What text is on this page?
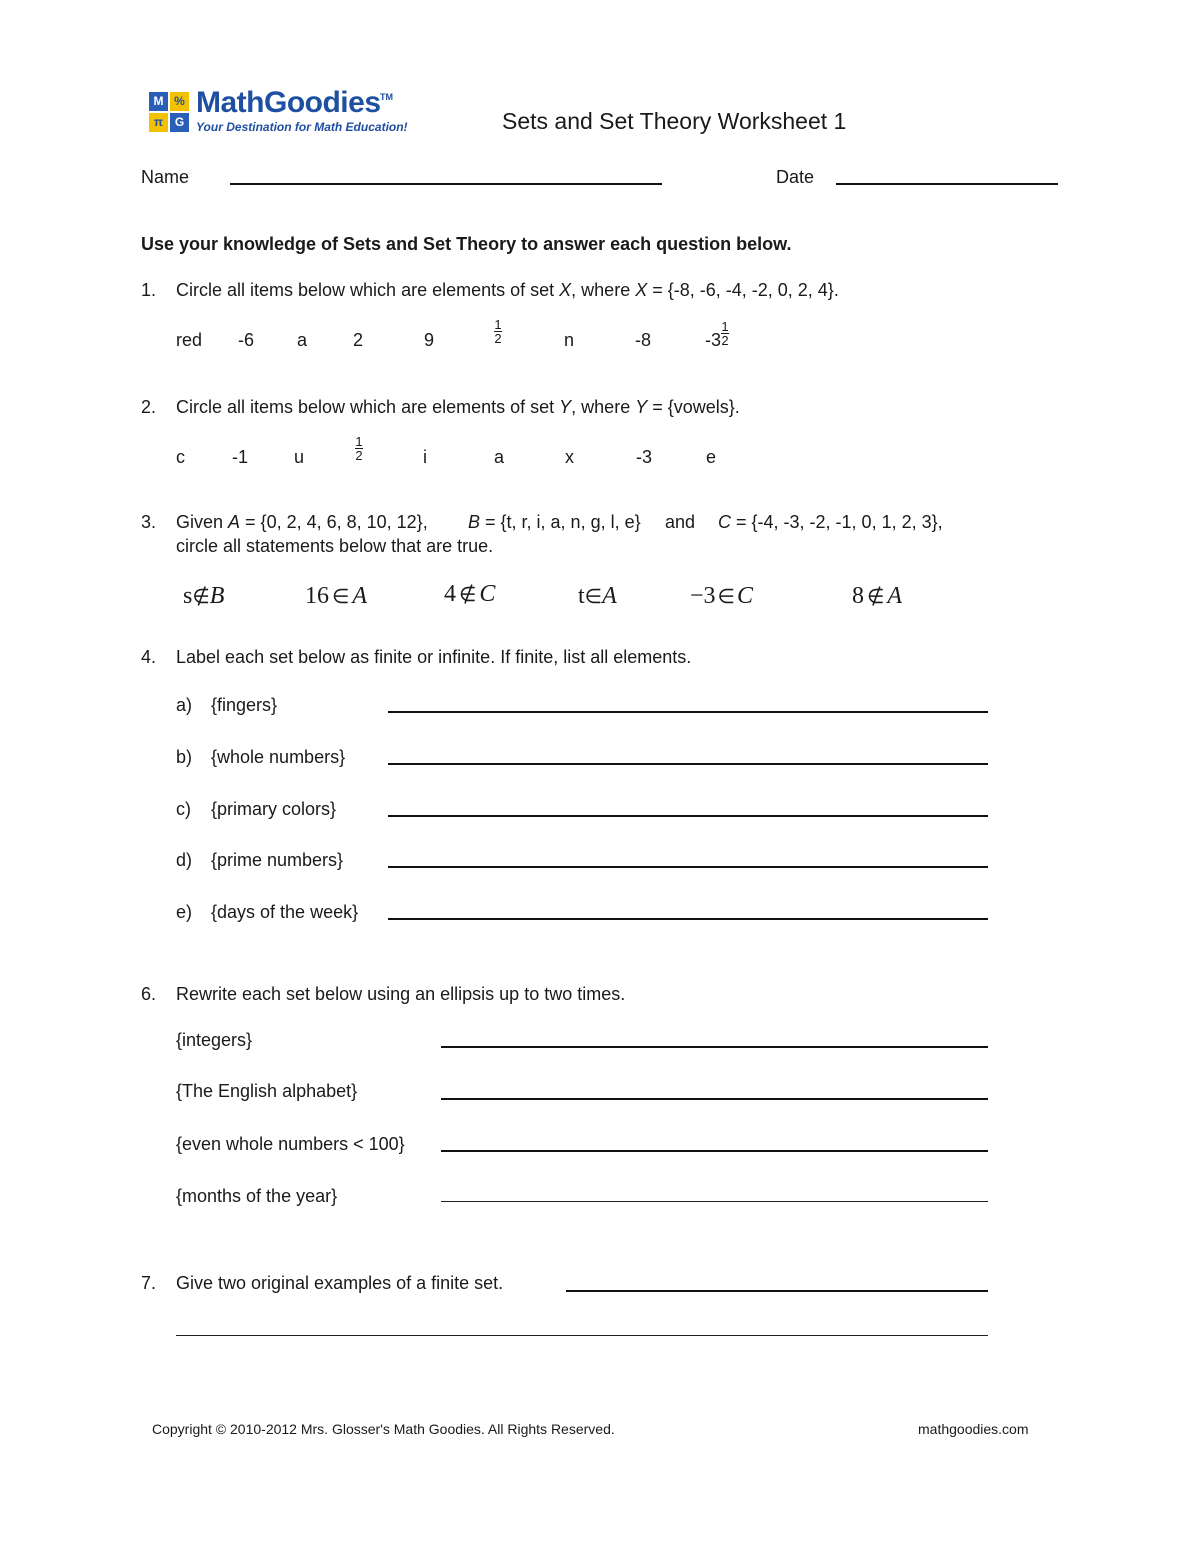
M %
π G
MathGoodies TM
Your Destination for Math Education!	Sets and Set Theory Worksheet 1
Name	Date
Use your knowledge of Sets and Set Theory to answer each question below.
1. Circle all items below which are elements of set X, where X = {-8, -6, -4, -2, 0, 2, 4}.
red -6 a	2	9	$\frac{1}{2}$	n	-8	$-3 \frac{1}{2}$
2. Circle all items below which are elements of set Y, where Y = {vowels}.
c	-1	u	$\frac{1}{2}$	i	a	x	-3	e
3. Given A = {0, 2, 4, 6, 8, 10, 12}, B = {t, r, i, a, n, g, l, e} and C = {-4, -3, -2, -1, 0, 1, 2, 3},
circle all statements below that are true.
s∉B	16 ∈ A	4 ∉ C	t∈A	−3 ∈C	8 ∉ A
4. Label each set below as finite or infinite. If finite, list all elements.
a) {fingers}
b) {whole numbers}
c) {primary colors}
d) {prime numbers}
e) {days of the week}
6. Rewrite each set below using an ellipsis up to two times.
{integers}
{The English alphabet}
{even whole numbers < 100}
{months of the year}
7. Give two original examples of a finite set.
Copyright © 2010-2012 Mrs. Glosser's Math Goodies. All Rights Reserved.	mathgoodies.com
